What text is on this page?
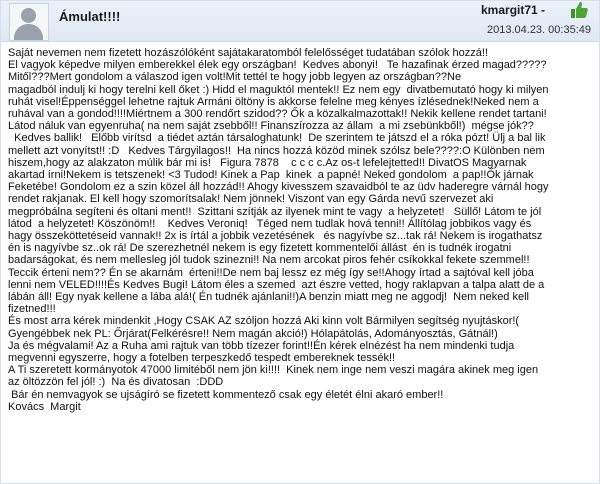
Ámulat!!!!	kmargit71 -
2013.04.23. 00:35:49
Saját nevemen nem fizetett hozászólóként sajátakaratomból felelősséget tudatában szólok hozzá!!
El vagyok képedve milyen emberekkel élek egy országban!  Kedves abonyi!   Te hazafinak érzed magad?????
Mitől???Mert gondolom a válaszod igen volt!Mit tettél te hogy jobb legyen az országban??Ne
magadból indulj ki hogy terelni kell őket :) Hidd el maguktól mentek!! Ez nem egy  divatbemutató hogy ki milyen
ruhát visel!Éppenséggel lehetne rajtuk Armáni öltöny is akkorse felelne meg kényes ízlésednek!Neked nem a
ruhával van a gondod!!!!Miértnem a 300 rendőrt szidod?? Ők a közalkalmazottak!! Nekik kellene rendet tartani!
Látod náluk van egyenruha( na nem saját zsebből!! Finanszírozza az állam  a mi zsebünkből!)  mégse jók??
Kedves ballik!   Előbb virítsd  a tiédet aztán társaloghatunk!  De szerintem te játszd el a róka pózt! Ülj a bal lik
mellett azt vonyítst!! :D   Kedves Tárgyilagos!!  Ha nincs hozzá közöd minek szólsz bele????:O Különben nem
hiszem,hogy az alakzaton múlik bár mi is!   Figura 7878    c c c c.Az os-t lefelejtetted!! DivatOS Magyarnak
akartad írni!Nekem is tetszenek! <3 Tudod! Kinek a Pap  kinek  a papné! Neked gondolom  a pap!!Ők járnak
Feketébe! Gondolom ez a szin közel áll hozzád!! Ahogy kivesszem szavaidból te az üdv haderegre várnál hogy
rendet rakjanak. El kell hogy szomorítsalak! Nem jönnek! Viszont van egy Gárda nevű szervezet aki
megpróbálna segíteni és oltani ment!!  Szittani szítják az ilyenek mint te vagy  a helyzetet!   Süllő! Látom te jól
látod  a helyzetet! Köszönöm!!    Kedves Veroniq!   Téged nem tudlak hová tenni!! Állítólag jobbikos vagy és
hagy összeköttetéseid vannak!! 2x is írtál a jobbik vezetésének   és nagyívbe sz...tak rá! Nekem is irogathatsz
én is nagyívbe sz..ok rá! De szerezhetnél nekem is egy fizetett kommentelői állást  én is tudnék irogatni
badarságokat, és nem mellesleg jól tudok szinezni!! Na nem arcokat piros fehér csíkokkal fekete szemmel!!
Teccik érteni nem?? Én se akarnám  érteni!!De nem baj lessz ez még így se!!Ahogy írtad a sajtóval kell jóba
lenni nem VELED!!!!És Kedves Bugi! Látom éles a szemed  azt észre vetted, hogy raklapvan a talpa alatt de a
lábán áll! Egy nyak kellene a lába alá!( Én tudnék ajánlani!!)A benzin miatt meg ne aggodj!  Nem neked kell
fizetned!!!
És most arra kérek mindenkit ,Hogy CSAK AZ szóljon hozzá Aki kinn volt Bármilyen segítség nyujtáskor!(
Gyengébbek nek PL: Őrjárat(Felkérésre!! Nem magán akció!) Hólapátolás, Adományosztás, Gátnál!)
Ja és mégvalami! Az a Ruha ami rajtuk van több tízezer forint!!Én kérek elnézést ha nem mindenki tudja
megvenni egyszerre, hogy a fotelben terpeszkedő tespedt embereknek tessék!!
A Ti szeretett kormányotok 47000 limitéből nem jön ki!!!!  Kinek nem inge nem veszi magára akinek meg igen
az öltözzön fel jól! :)  Na és divatosan  :DDD
Bár én nemvagyok se ujságíró se fizetett kommentező csak egy életét élni akaró ember!!
Kovács  Margit
